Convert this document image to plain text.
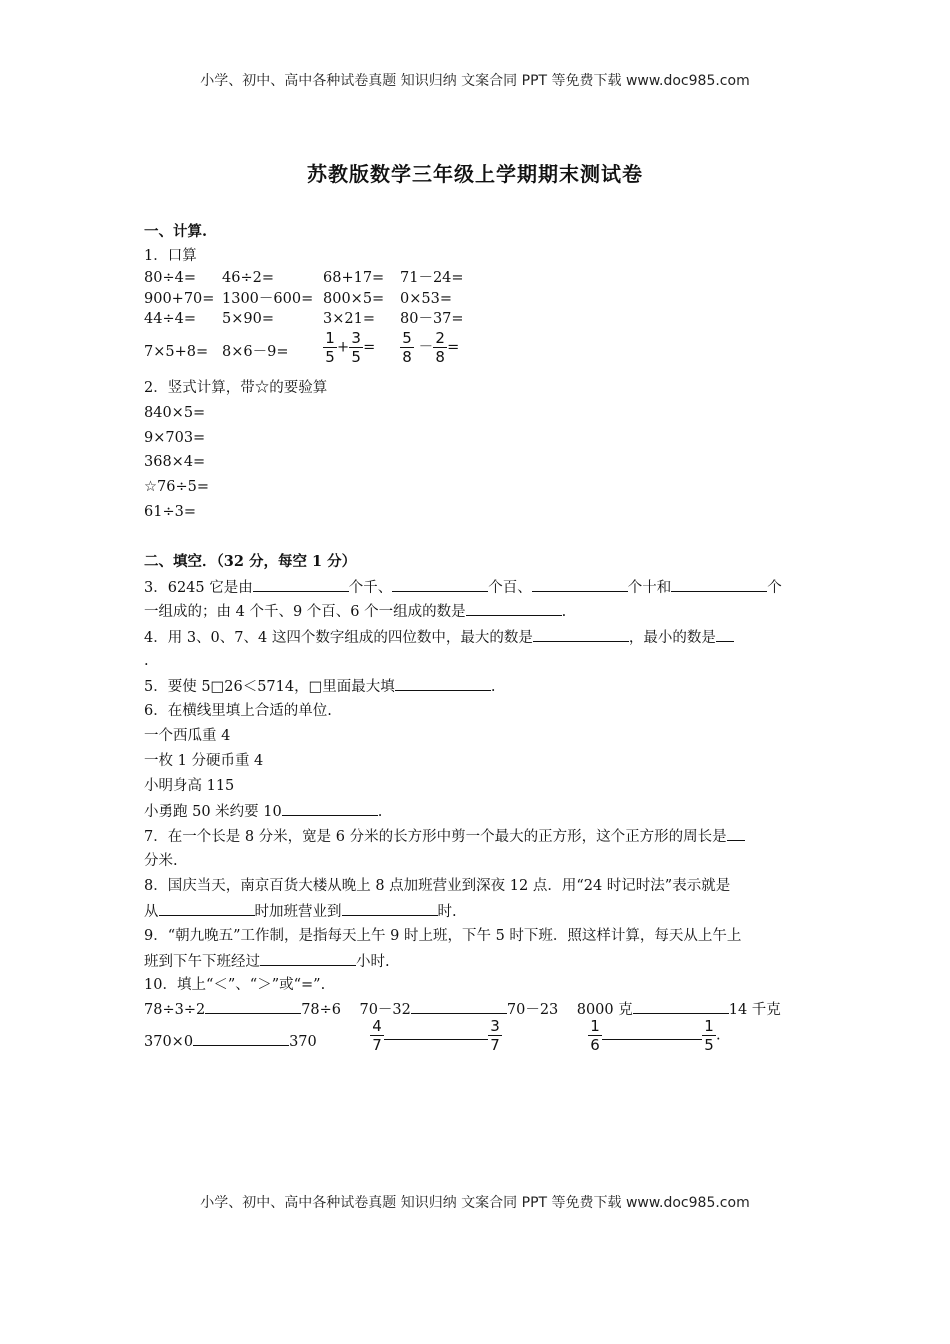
小学、初中、高中各种试卷真题 知识归纳 文案合同 PPT 等免费下载 www.doc985.com
苏教版数学三年级上学期期末测试卷
一、计算.
1．口算
80÷4= 46÷2=	68+17= 71－24=
900+70= 1300－600= 800×5= 0×53=
44÷4= 5×90=	3×21= 80－37=
$7\times 5+8= 8\times 6-9= \frac{1}{5} + \frac{3}{5} = \frac{5}{8} - \frac{2}{8}$ =
2．竖式计算，带☆的要验算
840×5=
9×703=
368×4=
☆76÷5=
61÷3=
二、填空．（32 分，每空 1 分）
3．6245 它是由	个千、	个百、	个十和	个
一组成的；由 4 个千、9 个百、6 个一组成的数是	.
4．用 3、0、7、4 这四个数字组成的四位数中，最大的数是	，最小的数是
.
5．要使 5□26＜5714，□里面最大填	.
6．在横线里填上合适的单位.
一个西瓜重 4
一枚 1 分硬币重 4
小明身高 115
小勇跑 50 米约要 10	.
7．在一个长是 8 分米，宽是 6 分米的长方形中剪一个最大的正方形，这个正方形的周长是
分米.
8．国庆当天，南京百货大楼从晚上 8 点加班营业到深夜 12 点．用“24 时记时法”表示就是
从	时加班营业到	时.
9．“朝九晚五”工作制，是指每天上午 9 时上班，下午 5 时下班．照这样计算，每天从上午上
班到下午下班经过	小时.
10．填上“＜”、“＞”或“=”.
78÷3÷2	78÷6 70－32	70－23 8000 克	14 千克
370×0	370	$\frac{4}{7}$	$\frac{3}{7}$	$\frac{1}{6}$	$\frac{1}{5}$ .
小学、初中、高中各种试卷真题 知识归纳 文案合同 PPT 等免费下载 www.doc985.com
